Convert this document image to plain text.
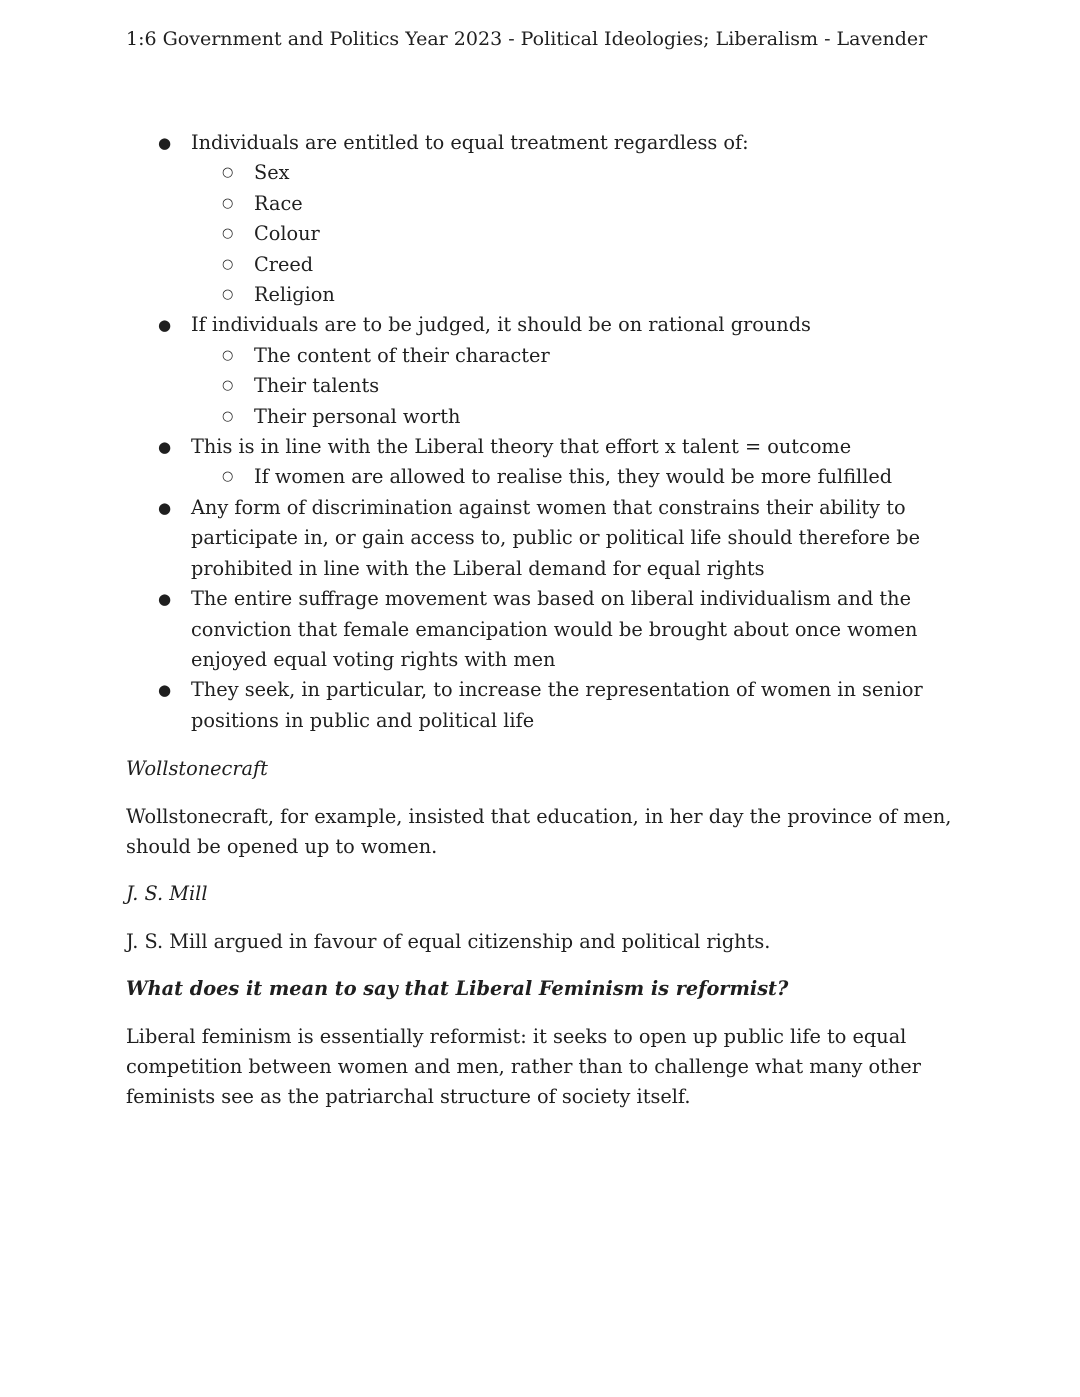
1:6 Government and Politics Year 2023 - Political Ideologies; Liberalism - Lavender
● Individuals are entitled to equal treatment regardless of:
○ Sex
○ Race
○ Colour
○ Creed
○ Religion
● If individuals are to be judged, it should be on rational grounds
○ The content of their character
○ Their talents
○ Their personal worth
● This is in line with the Liberal theory that effort x talent = outcome
○ If women are allowed to realise this, they would be more fulfilled
● Any form of discrimination against women that constrains their ability to participate in, or gain access to, public or political life should therefore be prohibited in line with the Liberal demand for equal rights
● The entire suffrage movement was based on liberal individualism and the conviction that female emancipation would be brought about once women enjoyed equal voting rights with men
● They seek, in particular, to increase the representation of women in senior positions in public and political life

Wollstonecraft

Wollstonecraft, for example, insisted that education, in her day the province of men, should be opened up to women.

J. S. Mill

J. S. Mill argued in favour of equal citizenship and political rights.

What does it mean to say that Liberal Feminism is reformist?

Liberal feminism is essentially reformist: it seeks to open up public life to equal competition between women and men, rather than to challenge what many other feminists see as the patriarchal structure of society itself.
